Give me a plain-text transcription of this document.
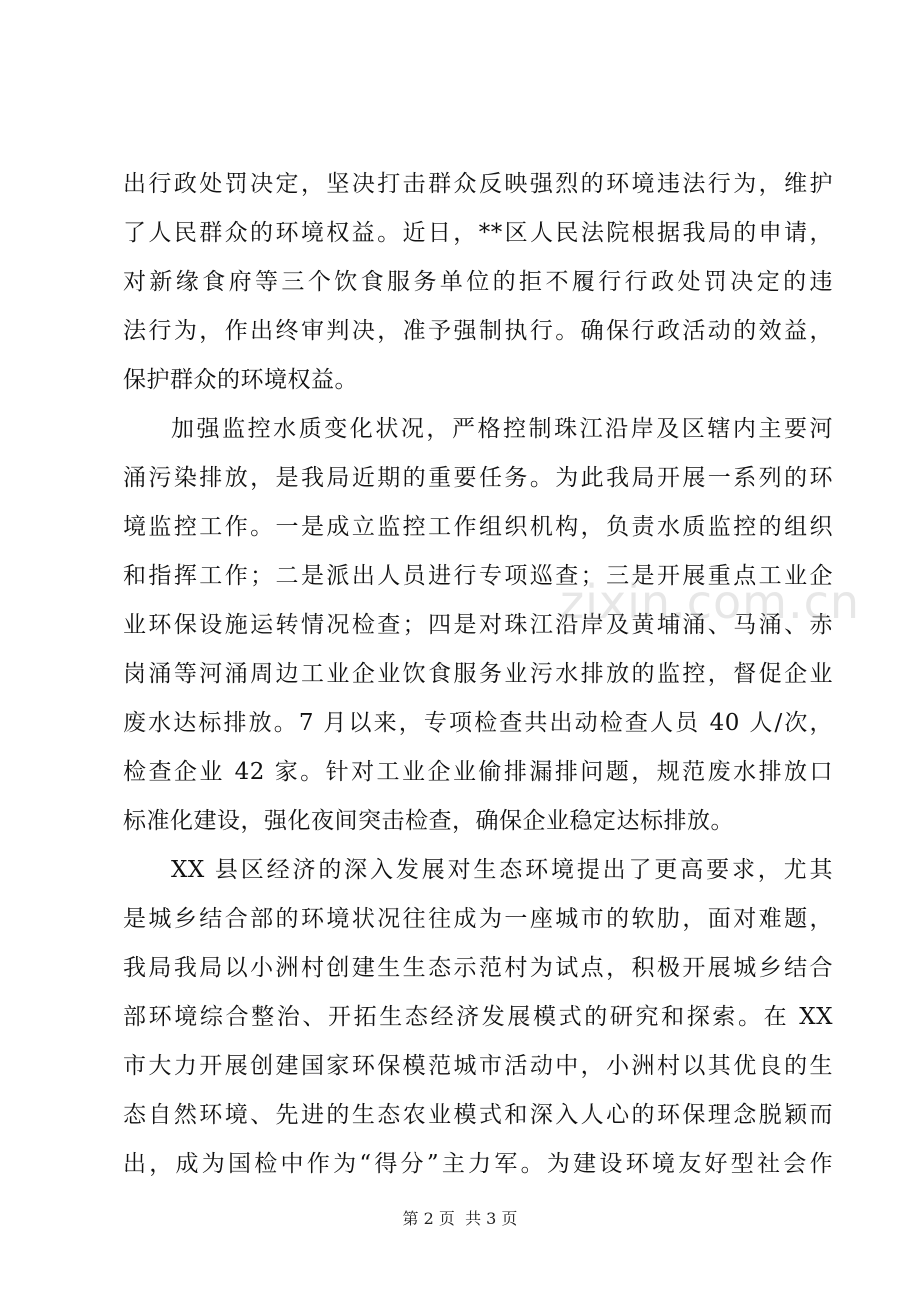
出行政处罚决定，坚决打击群众反映强烈的环境违法行为，维护
了人民群众的环境权益。近日，**区人民法院根据我局的申请，
对新缘食府等三个饮食服务单位的拒不履行行政处罚决定的违
法行为，作出终审判决，准予强制执行。确保行政活动的效益，
保护群众的环境权益。
加强监控水质变化状况，严格控制珠江沿岸及区辖内主要河
涌污染排放，是我局近期的重要任务。为此我局开展一系列的环
境监控工作。一是成立监控工作组织机构，负责水质监控的组织
和指挥工作；二是派出人员进行专项巡查；三是开展重点工业企
业环保设施运转情况检查；四是对珠江沿岸及黄埔涌、马涌、赤
岗涌等河涌周边工业企业饮食服务业污水排放的监控，督促企业
废水达标排放。7 月以来，专项检查共出动检查人员 40 人/次，
检查企业 42 家。针对工业企业偷排漏排问题，规范废水排放口
标准化建设，强化夜间突击检查，确保企业稳定达标排放。
XX 县区经济的深入发展对生态环境提出了更高要求，尤其
是城乡结合部的环境状况往往成为一座城市的软肋，面对难题，
我局我局以小洲村创建生生态示范村为试点，积极开展城乡结合
部环境综合整治、开拓生态经济发展模式的研究和探索。在 XX
市大力开展创建国家环保模范城市活动中，小洲村以其优良的生
态自然环境、先进的生态农业模式和深入人心的环保理念脱颖而
出，成为国检中作为“得分”主力军。为建设环境友好型社会作
zixin.com.cn
第 2 页  共 3 页
